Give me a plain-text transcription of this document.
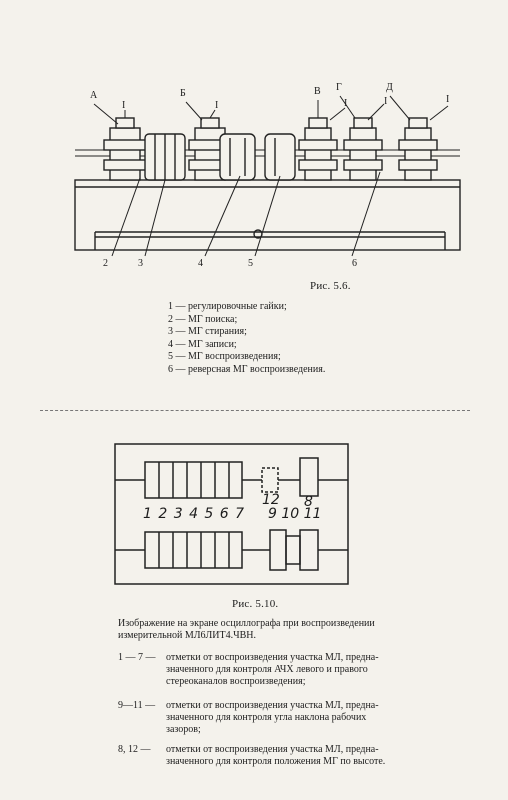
А
I
Б
I
В Г
I	I
Д
I
2	3	4	5	6
Рис. 5.6.
1 — регулировочные гайки;
2 — МГ поиска;
3 — МГ стирания;
4 — МГ записи;
5 — МГ воспроизведения;
6 — реверсная МГ воспроизведения.
12 8
1 2 3 4 5 6 7 9 10 11
Рис. 5.10.
Изображение на экране осциллографа при воспроизведении
измерительной МЛ6ЛИТ4.ЧВН.
1 — 7 — отметки от воспроизведения участка МЛ, предна-
значенного для контроля АЧХ левого и правого
стереоканалов воспроизведения;
9—11 — отметки от воспроизведения участка МЛ, предна-
значенного для контроля угла наклона рабочих
зазоров;
8, 12 — отметки от воспроизведения участка МЛ, предна-
значенного для контроля положения МГ по высоте.
